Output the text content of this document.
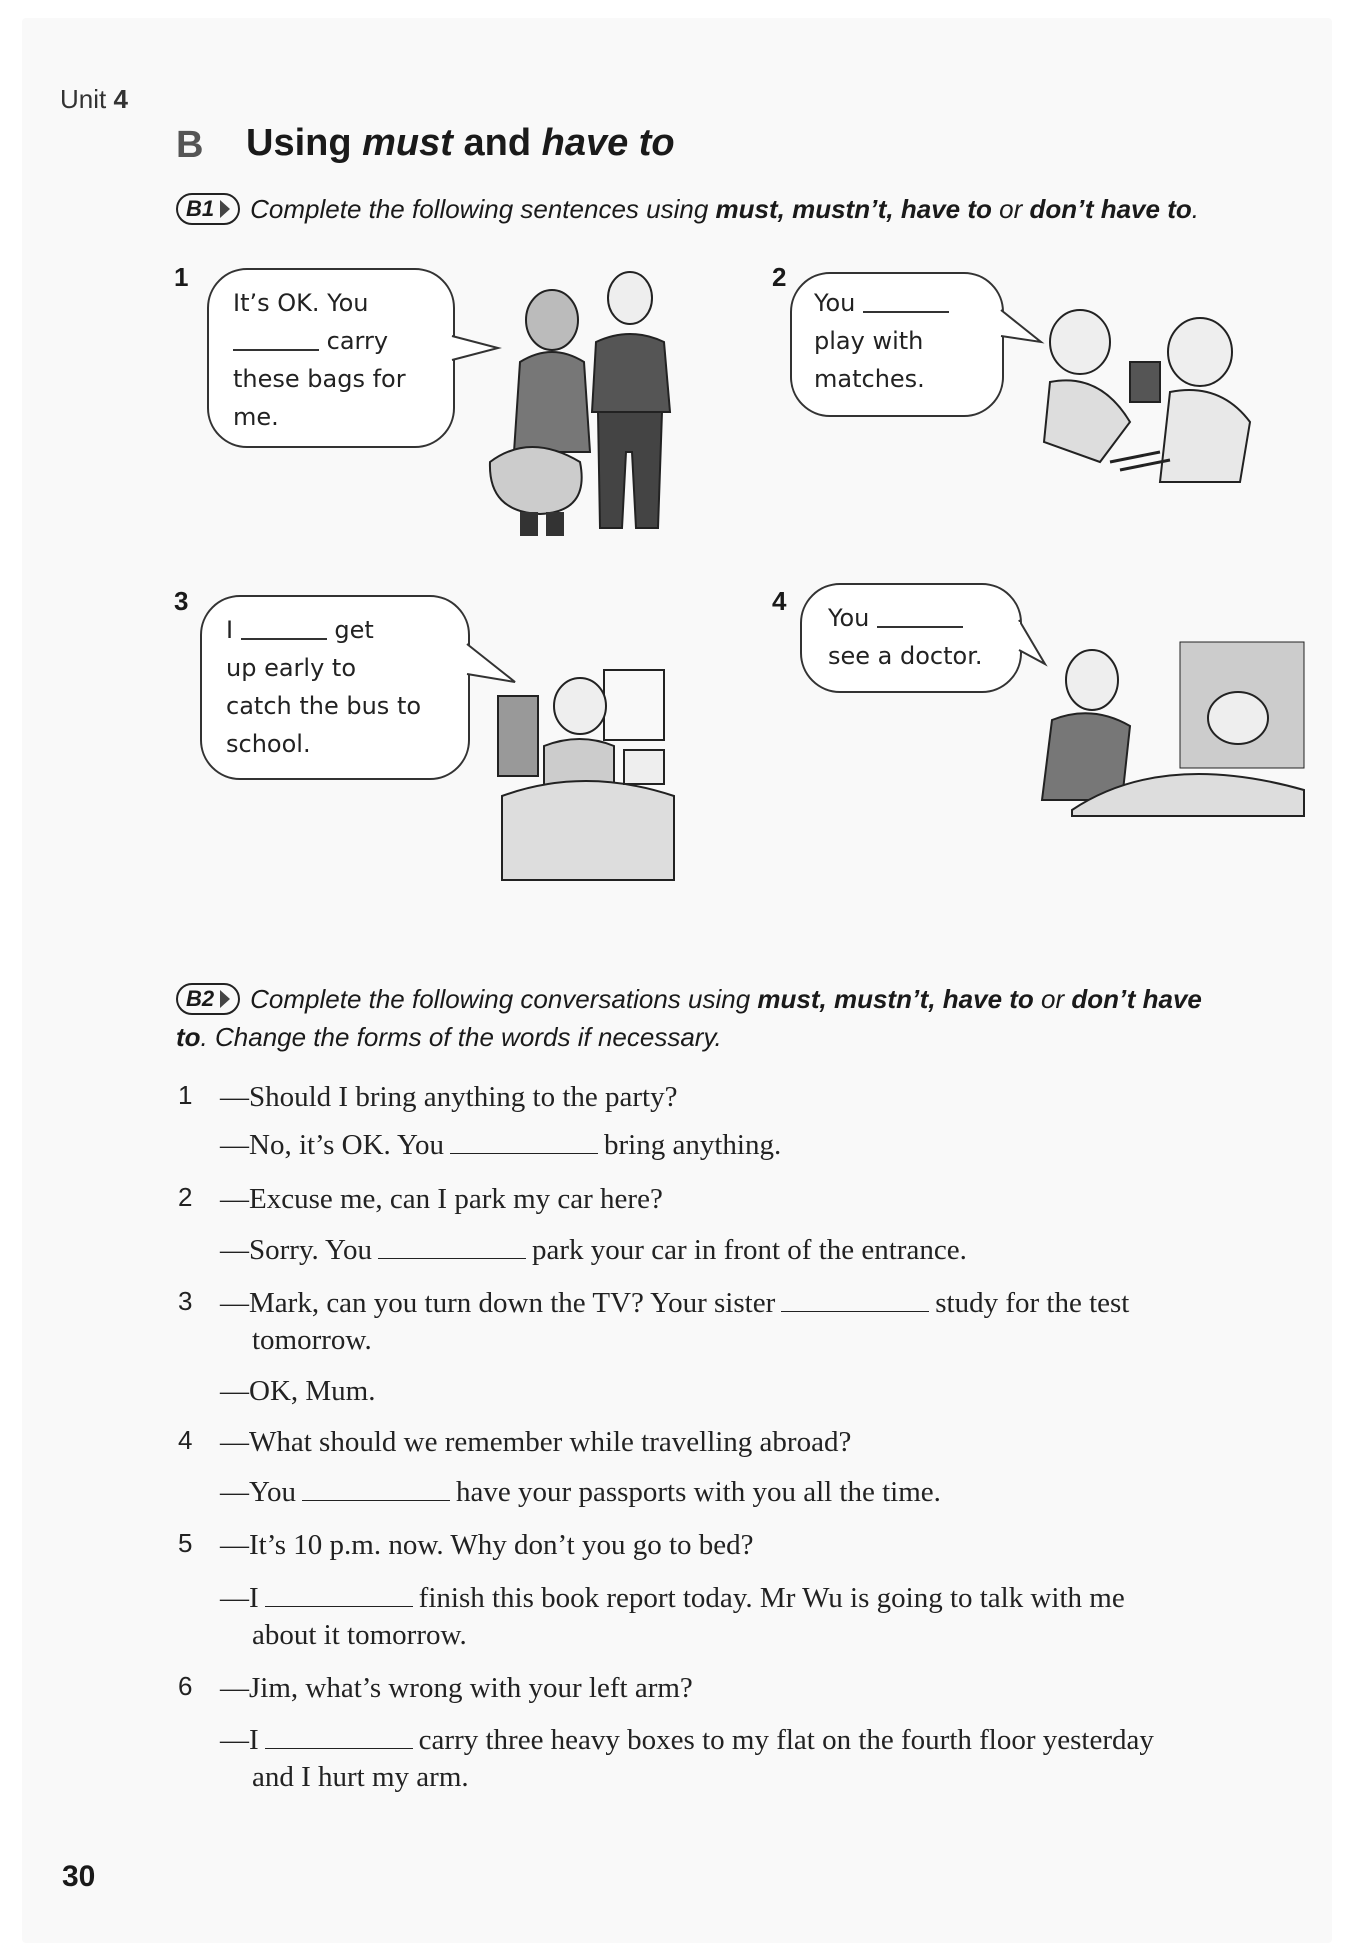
Unit 4
B Using must and have to
B1 Complete the following sentences using must, mustn’t, have to or don’t have to.
1
It’s OK. You
carry
these bags for
me.
2
You
play with
matches.
3
I	get
up early to
catch the bus to
school.
4
You
see a doctor.
B2 Complete the following conversations using must, mustn’t, have to or don’t have
to. Change the forms of the words if necessary.
1 —Should I bring anything to the party?
—No, it’s OK. You	bring anything.
2 —Excuse me, can I park my car here?
—Sorry. You	park your car in front of the entrance.
3 —Mark, can you turn down the TV? Your sister	study for the test
tomorrow.
—OK, Mum.
4 —What should we remember while travelling abroad?
—You	have your passports with you all the time.
5 —It’s 10 p.m. now. Why don’t you go to bed?
—I	finish this book report today. Mr Wu is going to talk with me
about it tomorrow.
6 —Jim, what’s wrong with your left arm?
—I	carry three heavy boxes to my flat on the fourth floor yesterday
and I hurt my arm.
30
